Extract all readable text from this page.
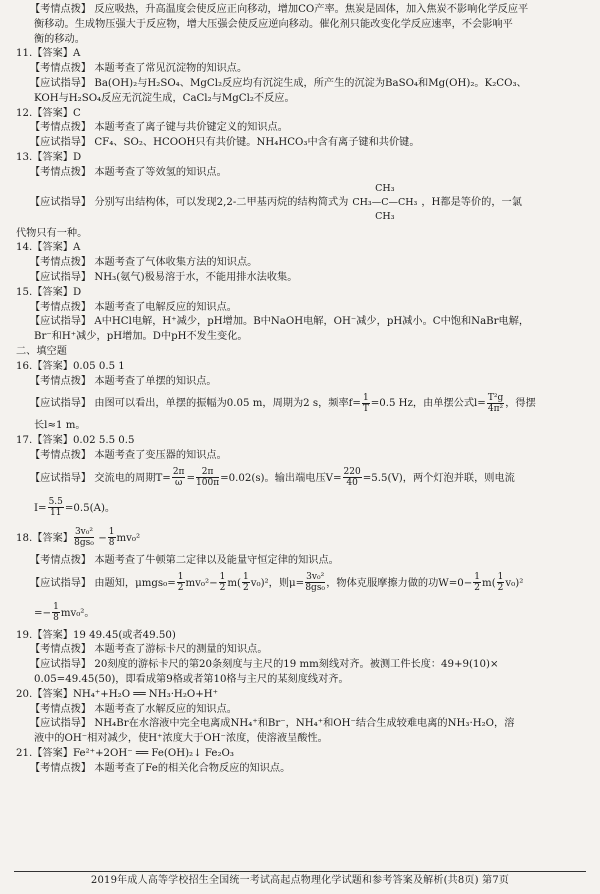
【考情点拨】 反应吸热，升高温度会使反应正向移动，增加CO产率。焦炭是固体，加入焦炭不影响化学反应平
衡移动。生成物压强大于反应物，增大压强会使反应逆向移动。催化剂只能改变化学反应速率，不会影响平
衡的移动。
11.【答案】A
【考情点拨】 本题考查了常见沉淀物的知识点。
【应试指导】 Ba(OH)₂与H₂SO₄、MgCl₂反应均有沉淀生成，所产生的沉淀为BaSO₄和Mg(OH)₂。K₂CO₃、
KOH与H₂SO₄反应无沉淀生成，CaCl₂与MgCl₂不反应。
12.【答案】C
【考情点拨】 本题考查了离子键与共价键定义的知识点。
【应试指导】 CF₄、SO₂、HCOOH只有共价键。NH₄HCO₃中含有离子键和共价键。
13.【答案】D
【考情点拨】 本题考查了等效氢的知识点。
【应试指导】 分别写出结构体，可以发现2,2-二甲基丙烷的结构简式为
CH₃
CH₃ —C— CH₃
CH₃
，H都是等价的，一氯
代物只有一种。
14.【答案】A
【考情点拨】 本题考查了气体收集方法的知识点。
【应试指导】 NH₃(氨气)极易溶于水，不能用排水法收集。
15.【答案】D
【考情点拨】 本题考查了电解反应的知识点。
【应试指导】 A中HCl电解，H⁺减少，pH增加。B中NaOH电解，OH⁻减少，pH减小。C中饱和NaBr电解，
Br⁻和H⁺减少，pH增加。D中pH不发生变化。
二、填空题
16.【答案】0.05 0.5 1
【考情点拨】 本题考查了单摆的知识点。
【应试指导】 由图可以看出，单摆的振幅为0.05 m，周期为2 s，频率$f= \frac{1}{T} =0.5$ Hz，由单摆公式$l= \frac{\text{T²g}}{\text{4π²}}$ ，得摆
长l≈1 m。
17.【答案】0.02 5.5 0.5
【考情点拨】 本题考查了变压器的知识点。
【应试指导】 交流电的周期$T= \frac{2\pi}{\omega} = \frac{2\pi}{100\pi} =0.02(s)$。输出端电压$V= \frac{220}{40} =5.5(V)$，两个灯泡并联，则电流
$I= \frac{5.5}{11} =0.5(A)$。
18.【答案】 $\frac{\text{3v₀²}}{\text{8gs₀}} - \frac{1}{8} mv_0^2$
【考情点拨】 本题考查了牛顿第二定律以及能量守恒定律的知识点。
【应试指导】 由题知，$\mu mgs_0= \frac{1}{2} mv_0^2- \frac{1}{2} m( \frac{1}{2} v_0)^2$，则$\mu= \frac{\text{3v₀²}}{\text{8gs₀}}$ ，物体克服摩擦力做的功$W=0- \frac{1}{2} m( \frac{1}{2} v_0)^2$
=− $\frac{1}{8} mv_0^2$。
19.【答案】19 49.45(或者49.50)
【考情点拨】 本题考查了游标卡尺的测量的知识点。
【应试指导】 20刻度的游标卡尺的第20条刻度与主尺的19 mm刻线对齐。被测工件长度：49+9(10)×
0.05=49.45(50)，即看成第9格或者第10格与主尺的某刻度线对齐。
20.【答案】NH₄⁺+H₂O ══ NH₃·H₂O+H⁺
【考情点拨】 本题考查了水解反应的知识点。
【应试指导】 NH₄Br在水溶液中完全电离成NH₄⁺和Br⁻，NH₄⁺和OH⁻结合生成较难电离的NH₃·H₂O，溶
液中的OH⁻相对减少，使H⁺浓度大于OH⁻浓度，使溶液呈酸性。
21.【答案】Fe²⁺+2OH⁻ ══ Fe(OH)₂↓ Fe₂O₃
【考情点拨】 本题考查了Fe的相关化合物反应的知识点。
2019年成人高等学校招生全国统一考试高起点物理化学试题和参考答案及解析(共8页) 第7页
